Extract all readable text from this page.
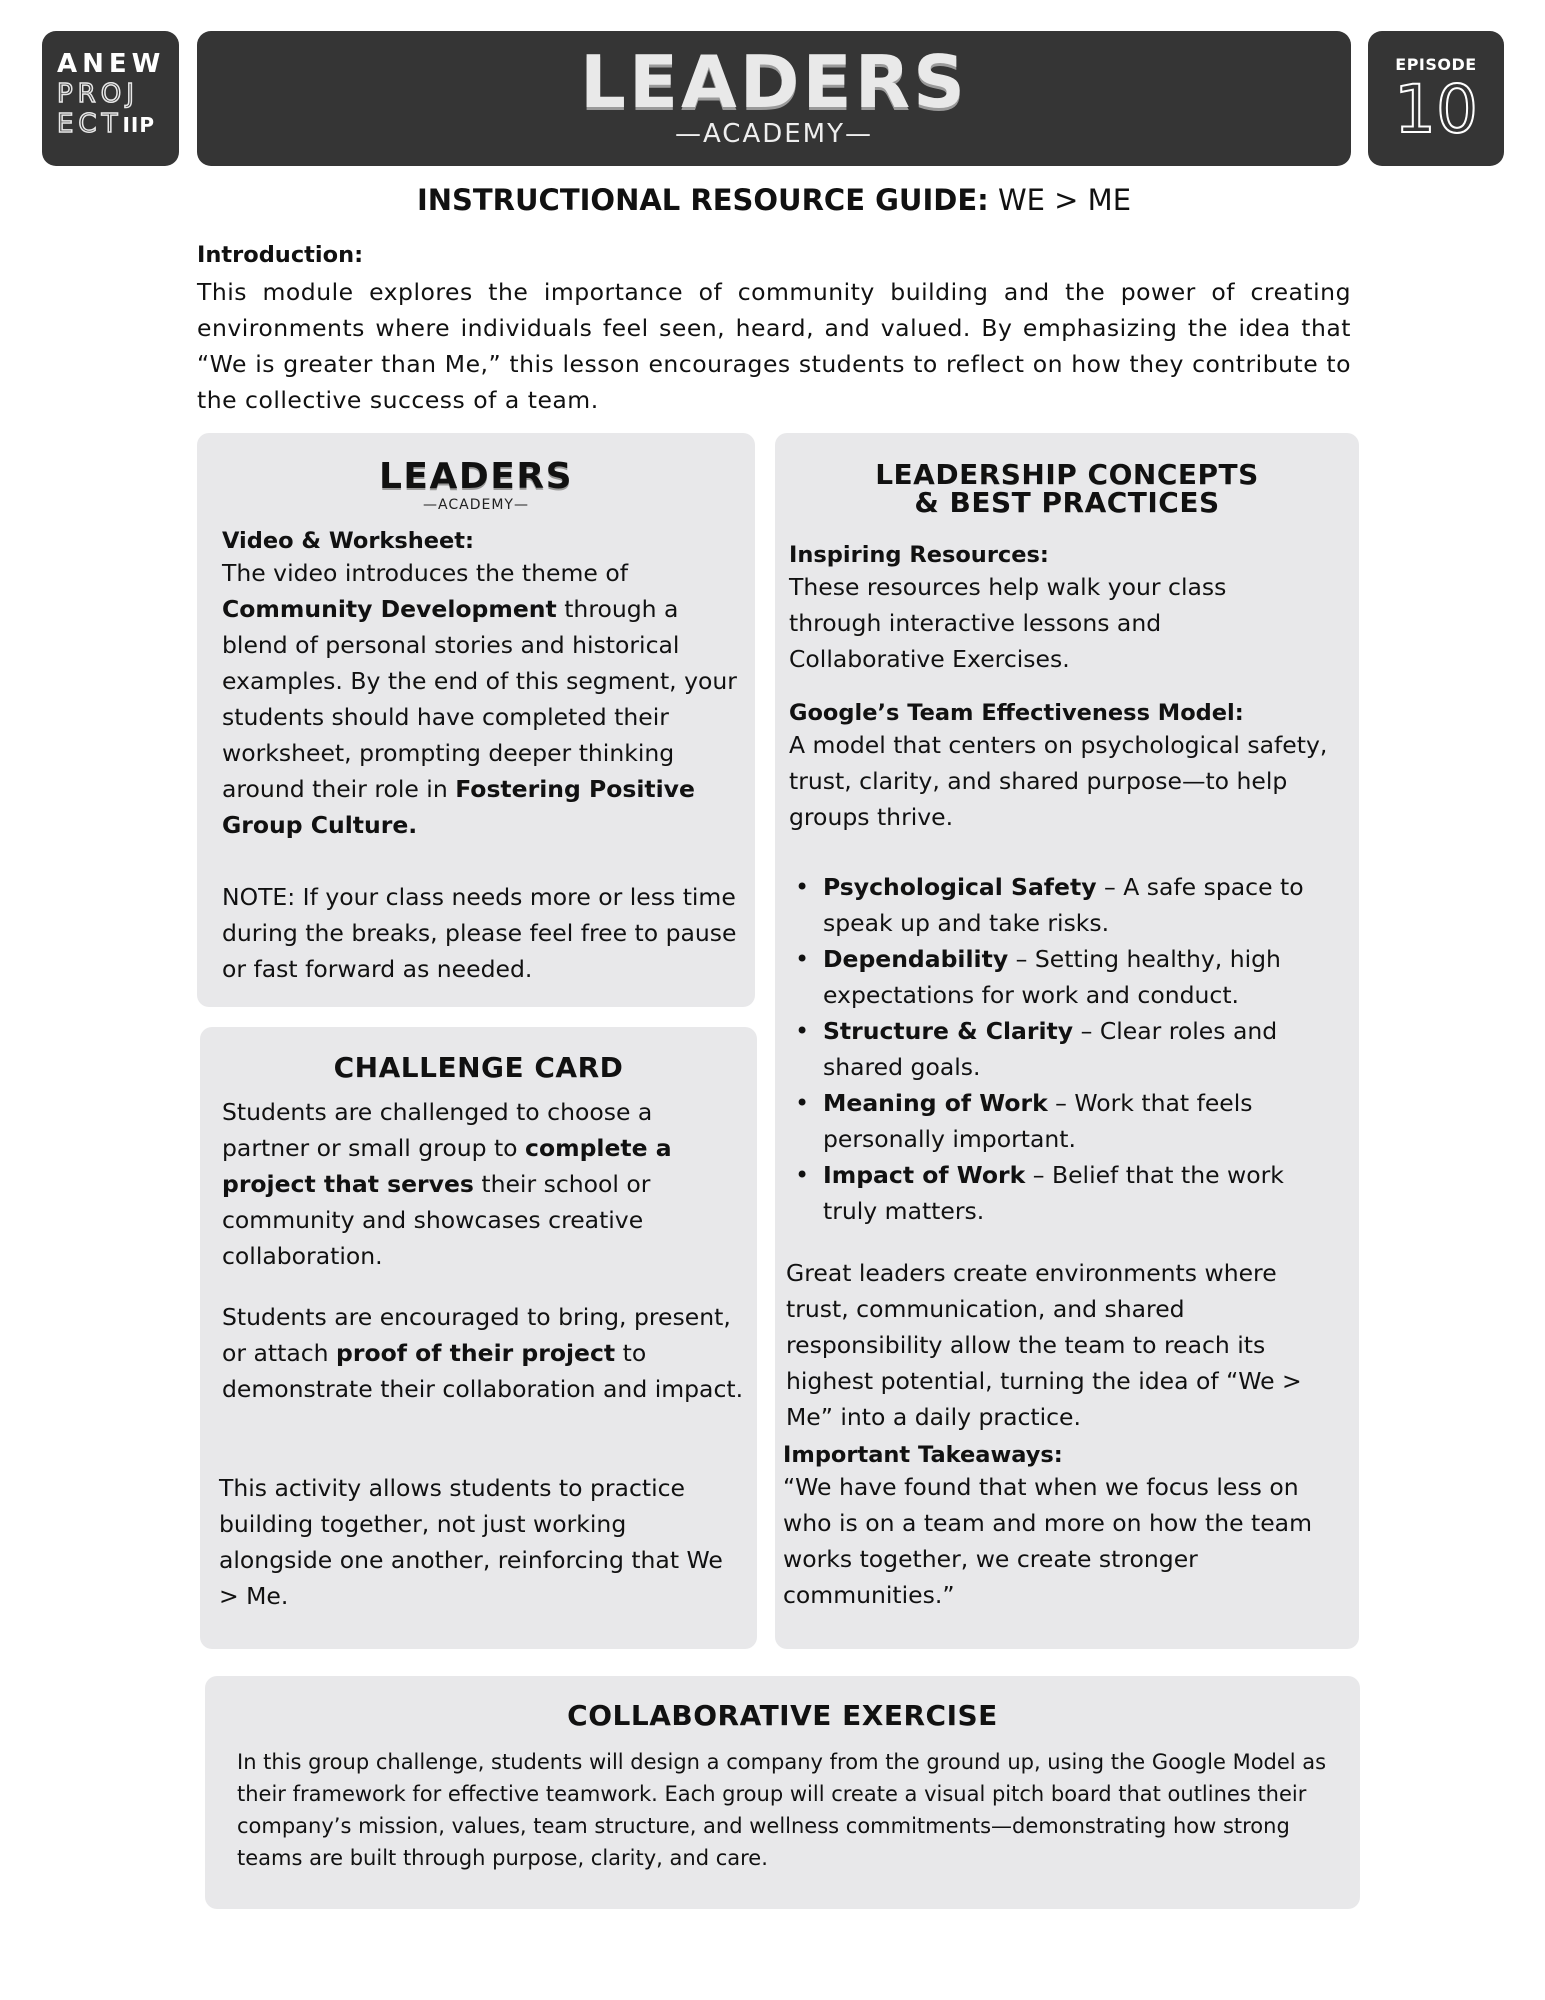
ANEW
PROJ
ECTIIP
LEADERS
—ACADEMY—
EPISODE
10
INSTRUCTIONAL RESOURCE GUIDE: WE > ME
Introduction:
This module explores the importance of community building and the power of creating environments where individuals feel seen, heard, and valued. By emphasizing the idea that “We is greater than Me,” this lesson encourages students to reflect on how they contribute to the collective success of a team.
LEADERS
—ACADEMY—
Video & Worksheet:
The video introduces the theme of Community Development through a blend of personal stories and historical examples. By the end of this segment, your students should have completed their worksheet, prompting deeper thinking around their role in Fostering Positive Group Culture.
NOTE: If your class needs more or less time during the breaks, please feel free to pause or fast forward as needed.
CHALLENGE CARD
Students are challenged to choose a partner or small group to complete a project that serves their school or community and showcases creative collaboration.
Students are encouraged to bring, present, or attach proof of their project to demonstrate their collaboration and impact.
This activity allows students to practice building together, not just working alongside one another, reinforcing that We > Me.
LEADERSHIP CONCEPTS
& BEST PRACTICES
Inspiring Resources:
These resources help walk your class through interactive lessons and Collaborative Exercises.
Google’s Team Effectiveness Model:
A model that centers on psychological safety, trust, clarity, and shared purpose—to help groups thrive.
• Psychological Safety – A safe space to speak up and take risks.
• Dependability – Setting healthy, high expectations for work and conduct.
• Structure & Clarity – Clear roles and shared goals.
• Meaning of Work – Work that feels personally important.
• Impact of Work – Belief that the work truly matters.
Great leaders create environments where trust, communication, and shared responsibility allow the team to reach its highest potential, turning the idea of “We > Me” into a daily practice.
Important Takeaways:
“We have found that when we focus less on who is on a team and more on how the team works together, we create stronger communities.”
COLLABORATIVE EXERCISE
In this group challenge, students will design a company from the ground up, using the Google Model as their framework for effective teamwork. Each group will create a visual pitch board that outlines their company’s mission, values, team structure, and wellness commitments—demonstrating how strong teams are built through purpose, clarity, and care.
